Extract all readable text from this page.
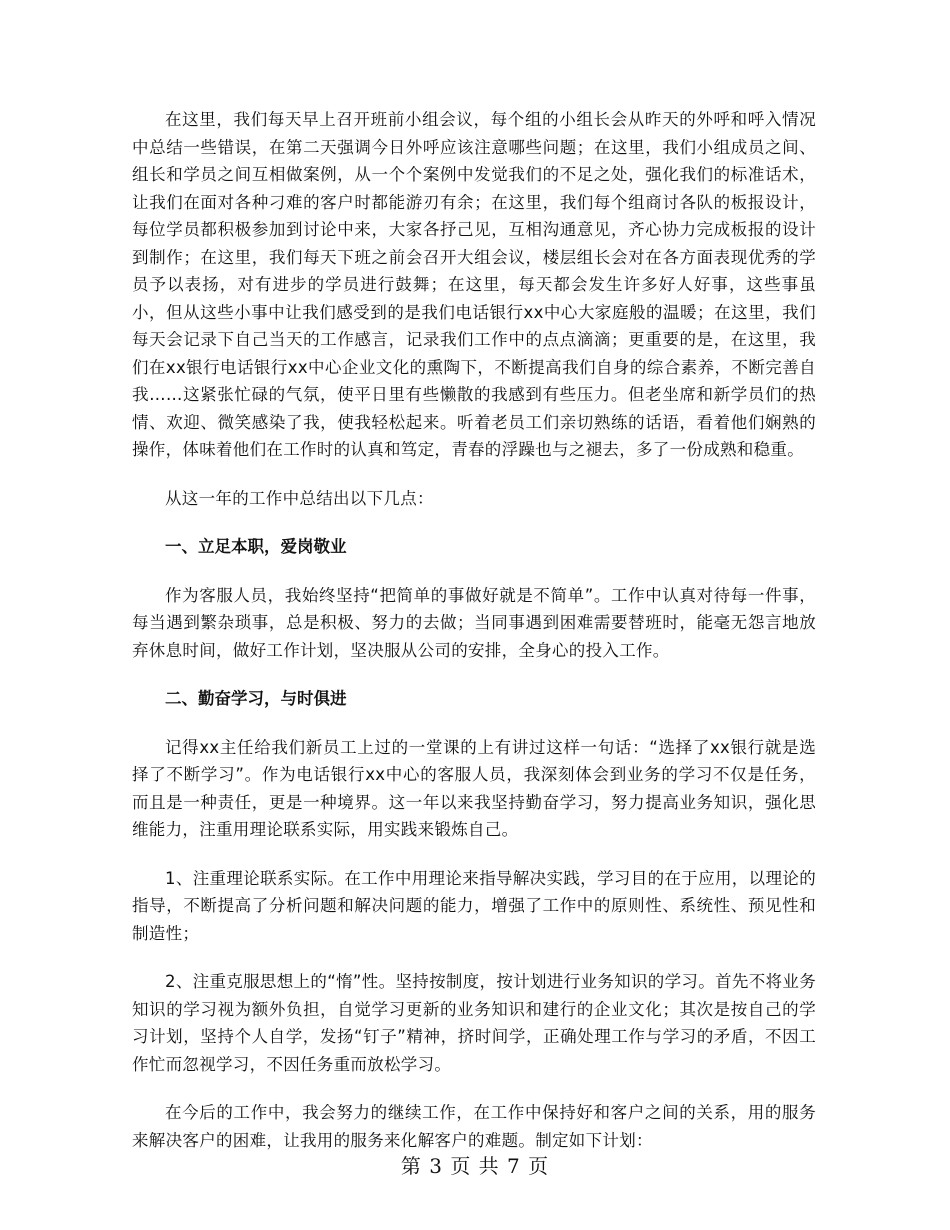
在这里，我们每天早上召开班前小组会议，每个组的小组长会从昨天的外呼和呼入情况中总结一些错误，在第二天强调今日外呼应该注意哪些问题；在这里，我们小组成员之间、组长和学员之间互相做案例，从一个个案例中发觉我们的不足之处，强化我们的标准话术，让我们在面对各种刁难的客户时都能游刃有余；在这里，我们每个组商讨各队的板报设计，每位学员都积极参加到讨论中来，大家各抒己见，互相沟通意见，齐心协力完成板报的设计到制作；在这里，我们每天下班之前会召开大组会议，楼层组长会对在各方面表现优秀的学员予以表扬，对有进步的学员进行鼓舞；在这里，每天都会发生许多好人好事，这些事虽小，但从这些小事中让我们感受到的是我们电话银行xx中心大家庭般的温暖；在这里，我们每天会记录下自己当天的工作感言，记录我们工作中的点点滴滴；更重要的是，在这里，我们在xx银行电话银行xx中心企业文化的熏陶下，不断提高我们自身的综合素养，不断完善自我……这紧张忙碌的气氛，使平日里有些懒散的我感到有些压力。但老坐席和新学员们的热情、欢迎、微笑感染了我，使我轻松起来。听着老员工们亲切熟练的话语，看着他们娴熟的操作，体味着他们在工作时的认真和笃定，青春的浮躁也与之褪去，多了一份成熟和稳重。

从这一年的工作中总结出以下几点：

一、立足本职，爱岗敬业

作为客服人员，我始终坚持“把简单的事做好就是不简单”。工作中认真对待每一件事，每当遇到繁杂琐事，总是积极、努力的去做；当同事遇到困难需要替班时，能毫无怨言地放弃休息时间，做好工作计划，坚决服从公司的安排，全身心的投入工作。

二、勤奋学习，与时俱进

记得xx主任给我们新员工上过的一堂课的上有讲过这样一句话：“选择了xx银行就是选择了不断学习”。作为电话银行xx中心的客服人员，我深刻体会到业务的学习不仅是任务，而且是一种责任，更是一种境界。这一年以来我坚持勤奋学习，努力提高业务知识，强化思维能力，注重用理论联系实际，用实践来锻炼自己。

1、注重理论联系实际。在工作中用理论来指导解决实践，学习目的在于应用，以理论的指导，不断提高了分析问题和解决问题的能力，增强了工作中的原则性、系统性、预见性和制造性；

2、注重克服思想上的“惰”性。坚持按制度，按计划进行业务知识的学习。首先不将业务知识的学习视为额外负担，自觉学习更新的业务知识和建行的企业文化；其次是按自己的学习计划，坚持个人自学，发扬“钉子”精神，挤时间学，正确处理工作与学习的矛盾，不因工作忙而忽视学习，不因任务重而放松学习。

在今后的工作中，我会努力的继续工作，在工作中保持好和客户之间的关系，用的服务来解决客户的困难，让我用的服务来化解客户的难题。制定如下计划：

第 3 页 共 7 页
